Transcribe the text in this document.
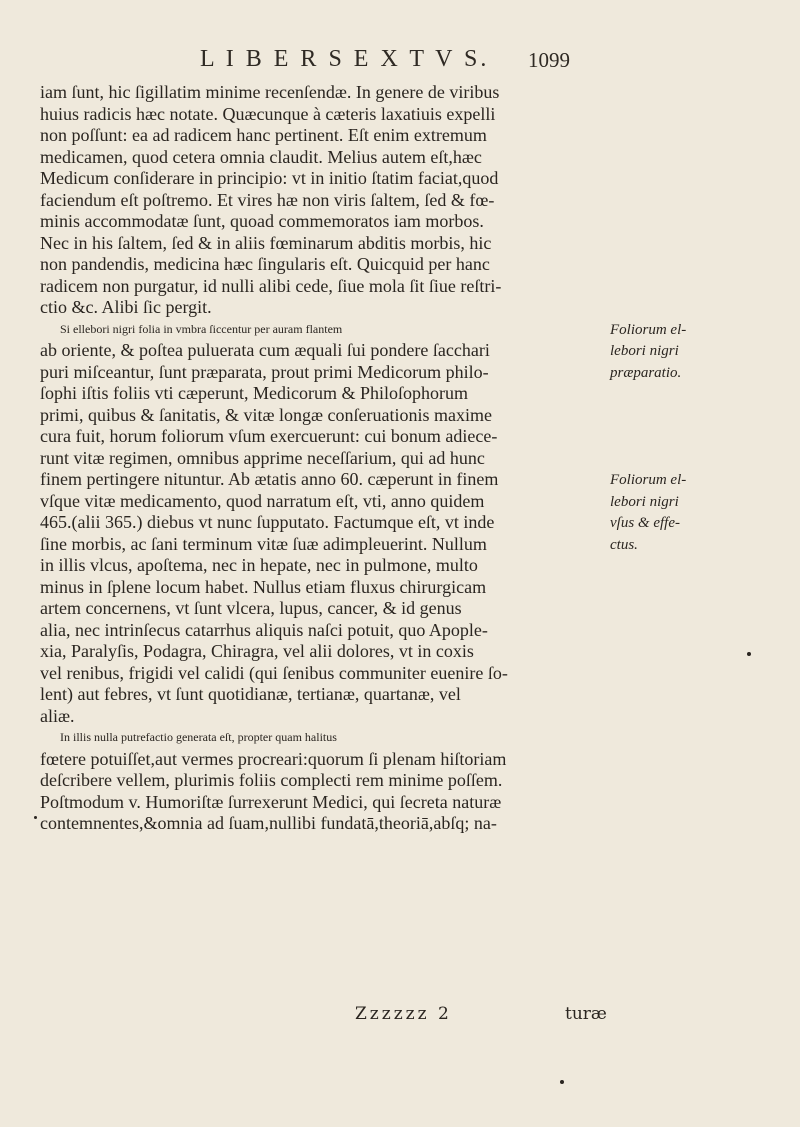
L I B E R S E X T V S. 1099
iam ſunt, hic ſigillatim minime recenſendæ. In genere de viribus
huius radicis hæc notate. Quæcunque à cæteris laxatiuis expelli
non poſſunt: ea ad radicem hanc pertinent. Eſt enim extremum
medicamen, quod cetera omnia claudit. Melius autem eſt,hæc
Medicum conſiderare in principio: vt in initio ſtatim faciat,quod
faciendum eſt poſtremo. Et vires hæ non viris ſaltem, ſed & fœ-
minis accommodatæ ſunt, quoad commemoratos iam morbos.
Nec in his ſaltem, ſed & in aliis fœminarum abditis morbis, hic
non pandendis, medicina hæc ſingularis eſt. Quicquid per hanc
radicem non purgatur, id nulli alibi cede, ſiue mola ſit ſiue reſtri-
ctio &c. Alibi ſic pergit.
Si ellebori nigri folia in vmbra ſiccentur per auram flantem
ab oriente, & poſtea puluerata cum æquali ſui pondere ſacchari
puri miſceantur, ſunt præparata, prout primi Medicorum philo-
ſophi iſtis foliis vti cæperunt, Medicorum & Philoſophorum
primi, quibus & ſanitatis, & vitæ longæ conſeruationis maxime
cura fuit, horum foliorum vſum exercuerunt: cui bonum adiece-
runt vitæ regimen, omnibus apprime neceſſarium, qui ad hunc
finem pertingere nituntur. Ab ætatis anno 60. cæperunt in finem
vſque vitæ medicamento, quod narratum eſt, vti, anno quidem
465.(alii 365.) diebus vt nunc ſupputato. Factumque eſt, vt inde
ſine morbis, ac ſani terminum vitæ ſuæ adimpleuerint. Nullum
in illis vlcus, apoſtema, nec in hepate, nec in pulmone, multo
minus in ſplene locum habet. Nullus etiam fluxus chirurgicam
artem concernens, vt ſunt vlcera, lupus, cancer, & id genus
alia, nec intrinſecus catarrhus aliquis naſci potuit, quo Apople-
xia, Paralyſis, Podagra, Chiragra, vel alii dolores, vt in coxis
vel renibus, frigidi vel calidi (qui ſenibus communiter euenire ſo-
lent) aut febres, vt ſunt quotidianæ, tertianæ, quartanæ, vel
aliæ.
In illis nulla putrefactio generata eſt, propter quam halitus
fœtere potuiſſet,aut vermes procreari:quorum ſi plenam hiſtoriam
deſcribere vellem, plurimis foliis complecti rem minime poſſem.
Poſtmodum v. Humoriſtæ ſurrexerunt Medici, qui ſecreta naturæ
contemnentes,&omnia ad ſuam,nullibi fundatā,theoriā,abſq; na-
Foliorum el-
lebori nigri
præparatio.
Foliorum el-
lebori nigri
vſus & effe-
ctus.
Zzzzzz 2	turæ
